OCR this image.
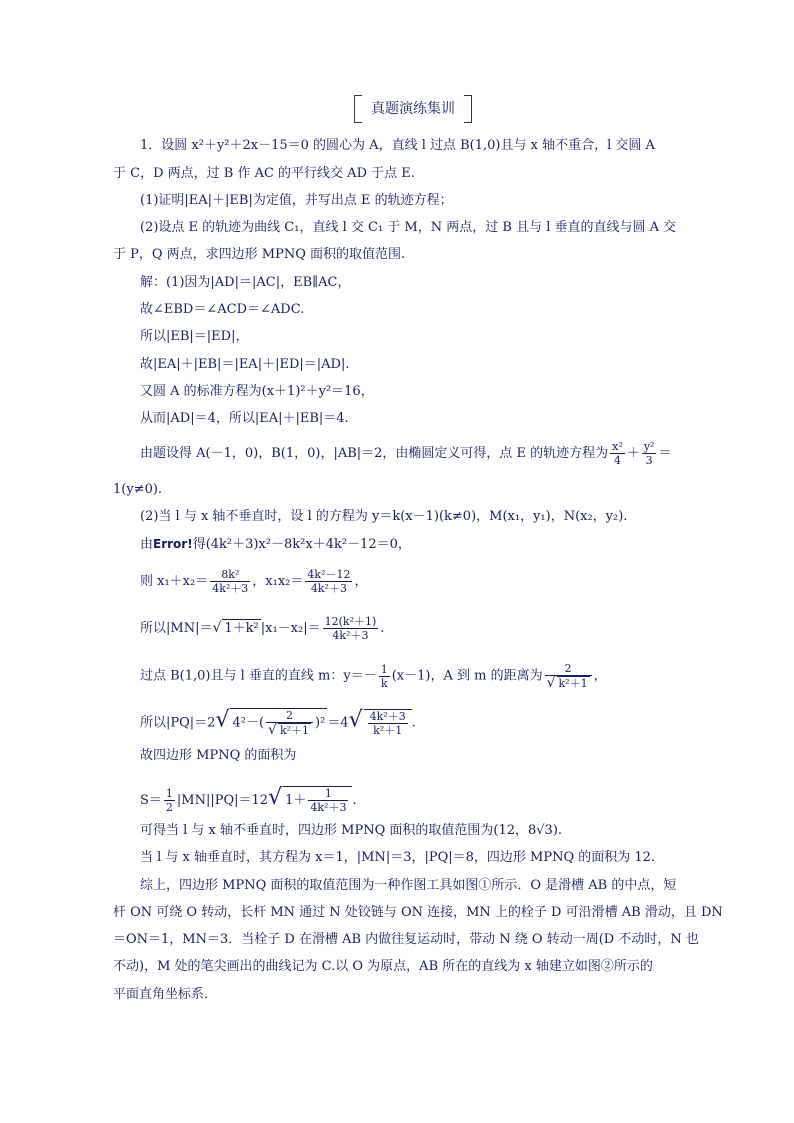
真题演练集训
1．设圆 x²＋y²＋2x－15＝0 的圆心为 A，直线 l 过点 B(1,0)且与 x 轴不重合，l 交圆 A
于 C，D 两点，过 B 作 AC 的平行线交 AD 于点 E.
(1)证明|EA|＋|EB|为定值，并写出点 E 的轨迹方程；
(2)设点 E 的轨迹为曲线 C₁，直线 l 交 C₁ 于 M，N 两点，过 B 且与 l 垂直的直线与圆 A 交
于 P，Q 两点，求四边形 MPNQ 面积的取值范围.
解：(1)因为|AD|＝|AC|，EB∥AC，
故∠EBD＝∠ACD＝∠ADC.
所以|EB|＝|ED|，
故|EA|＋|EB|＝|EA|＋|ED|＝|AD|.
又圆 A 的标准方程为(x＋1)²＋y²＝16，
从而|AD|＝4，所以|EA|＋|EB|＝4.
由题设得 A(－1，0)，B(1，0)，|AB|＝2，由椭圆定义可得，点 E 的轨迹方程为 $\frac{\text{x²}}{4} + \frac{\text{y²}}{3}$ ＝
1(y≠0).
(2)当 l 与 x 轴不垂直时，设 l 的方程为 y＝k(x－1)(k≠0)，M(x₁，y₁)，N(x₂，y₂).
由Error!得(4k²＋3)x²－8k²x＋4k²－12＝0，
则 $x_1+x_2= \frac{\text{8k²}}{\text{4k²＋3}}$ ，$x_1x_2= \frac{\text{4k²－12}}{\text{4k²＋3}}$ ，
所以|MN|＝√ 1＋k² $|x_1-x_2|= \frac{\text{12(k²＋1)}}{\text{4k²＋3}}$ .
过点 B(1,0)且与 l 垂直的直线 m：$y=- \frac{1}{k} (x-1)$，A 到 m 的距离为 $\frac{2}{\text{√ k²＋1}}$ ，
所以|PQ|＝2√ $4^2-( \frac{2}{\text{√ k²＋1}} )^2 =4√ \frac{\text{4k²＋3}}{\text{k²＋1}}$ .
故四边形 MPNQ 的面积为
$S= \frac{1}{2} |MN||PQ|=12√$ $1+ \frac{1}{\text{4k²＋3}}$ .
可得当 l 与 x 轴不垂直时，四边形 MPNQ 面积的取值范围为(12，8√3).
当 l 与 x 轴垂直时，其方程为 x＝1，|MN|＝3，|PQ|＝8，四边形 MPNQ 的面积为 12.
综上，四边形 MPNQ 面积的取值范围为一种作图工具如图①所示．O 是滑槽 AB 的中点，短
杆 ON 可绕 O 转动，长杆 MN 通过 N 处铰链与 ON 连接，MN 上的栓子 D 可沿滑槽 AB 滑动，且 DN
＝ON＝1，MN＝3．当栓子 D 在滑槽 AB 内做往复运动时，带动 N 绕 O 转动一周(D 不动时，N 也
不动)，M 处的笔尖画出的曲线记为 C.以 O 为原点，AB 所在的直线为 x 轴建立如图②所示的
平面直角坐标系．
